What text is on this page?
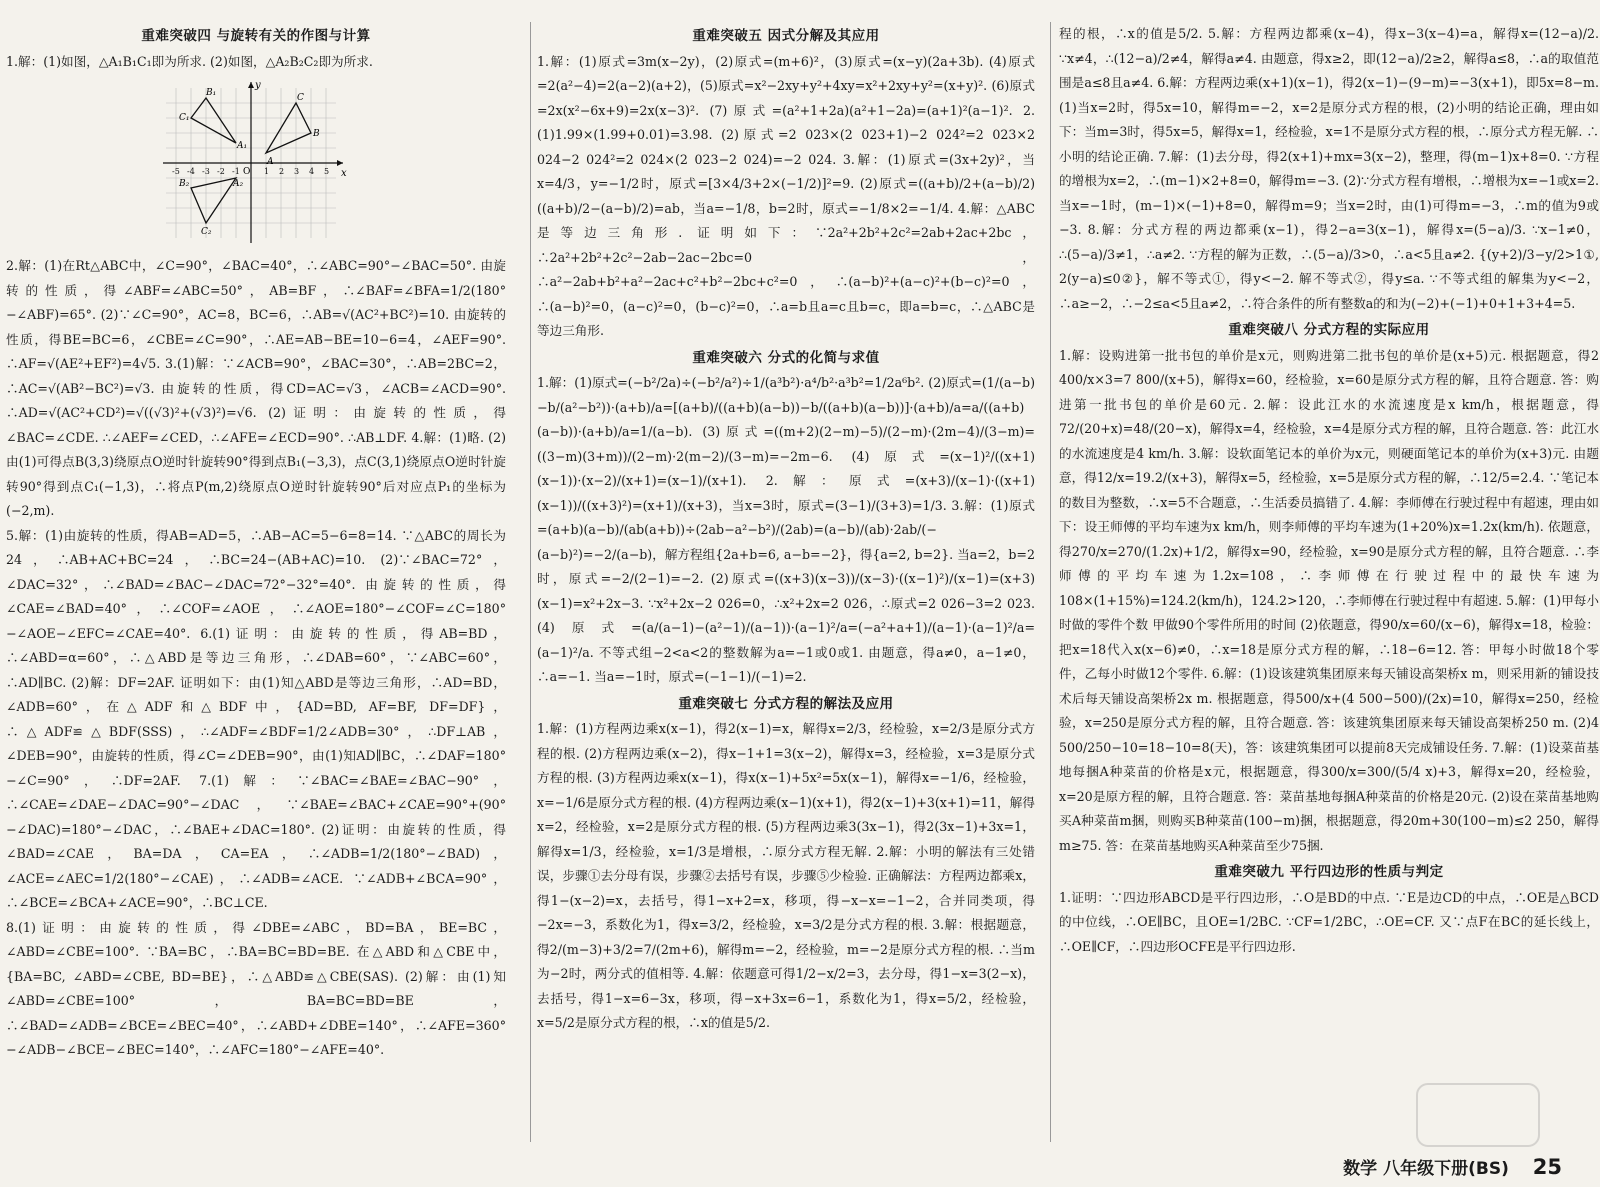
重难突破四 与旋转有关的作图与计算

1.解：(1)如图，△A₁B₁C₁即为所求. (2)如图，△A₂B₂C₂即为所求.

y
x
O
-5 -4 -3 -2 -1	1 2 3 4 5
B₁
C₁
A₁
A
C
B
A₂
B₂
C₂

2.解：(1)在Rt△ABC中，∠C=90°，∠BAC=40°，∴∠ABC=90°−∠BAC=50°. 由旋转的性质，得∠ABF=∠ABC=50°，AB=BF，∴∠BAF=∠BFA=1/2(180°−∠ABF)=65°. (2)∵∠C=90°，AC=8，BC=6，∴AB=√(AC²+BC²)=10. 由旋转的性质，得BE=BC=6，∠CBE=∠C=90°，∴AE=AB−BE=10−6=4，∠AEF=90°. ∴AF=√(AE²+EF²)=4√5. 3.(1)解：∵∠ACB=90°，∠BAC=30°，∴AB=2BC=2，∴AC=√(AB²−BC²)=√3. 由旋转的性质，得CD=AC=√3，∠ACB=∠ACD=90°. ∴AD=√(AC²+CD²)=√((√3)²+(√3)²)=√6. (2)证明：由旋转的性质，得∠BAC=∠CDE. ∴∠AEF=∠CED，∴∠AFE=∠ECD=90°. ∴AB⊥DF. 4.解：(1)略. (2)由(1)可得点B(3,3)绕原点O逆时针旋转90°得到点B₁(−3,3)，点C(3,1)绕原点O逆时针旋转90°得到点C₁(−1,3)，∴将点P(m,2)绕原点O逆时针旋转90°后对应点P₁的坐标为(−2,m).

5.解：(1)由旋转的性质，得AB=AD=5，∴AB−AC=5−6=8=14. ∵△ABC的周长为24，∴AB+AC+BC=24，∴BC=24−(AB+AC)=10. (2)∵∠BAC=72°，∠DAC=32°，∴∠BAD=∠BAC−∠DAC=72°−32°=40°. 由旋转的性质，得∠CAE=∠BAD=40°，∴∠COF=∠AOE，∴∠AOE=180°−∠COF=∠C=180°−∠AOE−∠EFC=∠CAE=40°. 6.(1)证明：由旋转的性质，得AB=BD，∴∠ABD=α=60°，∴△ABD是等边三角形，∴∠DAB=60°，∵∠ABC=60°，∴AD∥BC. (2)解：DF=2AF. 证明如下：由(1)知△ABD是等边三角形，∴AD=BD，∠ADB=60°，在△ADF和△BDF中，{AD=BD, AF=BF, DF=DF}，∴△ADF≌△BDF(SSS)，∴∠ADF=∠BDF=1/2∠ADB=30°，∴DF⊥AB，∠DEB=90°，由旋转的性质，得∠C=∠DEB=90°，由(1)知AD∥BC，∴∠DAF=180°−∠C=90°，∴DF=2AF. 7.(1)解：∵∠BAC=∠BAE=∠BAC−90°，∴∠CAE=∠DAE−∠DAC=90°−∠DAC，∵∠BAE=∠BAC+∠CAE=90°+(90°−∠DAC)=180°−∠DAC，∴∠BAE+∠DAC=180°. (2)证明：由旋转的性质，得∠BAD=∠CAE，BA=DA，CA=EA，∴∠ADB=1/2(180°−∠BAD)，∠ACE=∠AEC=1/2(180°−∠CAE)，∴∠ADB=∠ACE. ∵∠ADB+∠BCA=90°，∴∠BCE=∠BCA+∠ACE=90°，∴BC⊥CE.

8.(1)证明：由旋转的性质，得∠DBE=∠ABC，BD=BA，BE=BC，∠ABD=∠CBE=100°. ∵BA=BC，∴BA=BC=BD=BE. 在△ABD和△CBE中，{BA=BC, ∠ABD=∠CBE, BD=BE}，∴△ABD≌△CBE(SAS). (2)解：由(1)知∠ABD=∠CBE=100°，BA=BC=BD=BE，∴∠BAD=∠ADB=∠BCE=∠BEC=40°，∴∠ABD+∠DBE=140°，∴∠AFE=360°−∠ADB−∠BCE−∠BEC=140°，∴∠AFC=180°−∠AFE=40°.

重难突破五 因式分解及其应用

1.解：(1)原式=3m(x−2y)，(2)原式=(m+6)²，(3)原式=(x−y)(2a+3b). (4)原式=2(a²−4)=2(a−2)(a+2)，(5)原式=x²−2xy+y²+4xy=x²+2xy+y²=(x+y)². (6)原式=2x(x²−6x+9)=2x(x−3)². (7)原式=(a²+1+2a)(a²+1−2a)=(a+1)²(a−1)². 2.(1)1.99×(1.99+0.01)=3.98. (2)原式=2 023×(2 023+1)−2 024²=2 023×2 024−2 024²=2 024×(2 023−2 024)=−2 024. 3.解：(1)原式=(3x+2y)²，当x=4/3，y=−1/2时，原式=[3×4/3+2×(−1/2)]²=9. (2)原式=((a+b)/2+(a−b)/2)((a+b)/2−(a−b)/2)=ab，当a=−1/8，b=2时，原式=−1/8×2=−1/4. 4.解：△ABC是等边三角形. 证明如下：∵2a²+2b²+2c²=2ab+2ac+2bc，∴2a²+2b²+2c²−2ab−2ac−2bc=0，∴a²−2ab+b²+a²−2ac+c²+b²−2bc+c²=0，∴(a−b)²+(a−c)²+(b−c)²=0，∴(a−b)²=0，(a−c)²=0，(b−c)²=0，∴a=b且a=c且b=c，即a=b=c，∴△ABC是等边三角形.

重难突破六 分式的化简与求值

1.解：(1)原式=(−b²/2a)÷(−b²/a²)÷1/(a³b²)·a⁴/b²·a³b²=1/2a⁶b². (2)原式=(1/(a−b)−b/(a²−b²))·(a+b)/a=[(a+b)/((a+b)(a−b))−b/((a+b)(a−b))]·(a+b)/a=a/((a+b)(a−b))·(a+b)/a=1/(a−b). (3)原式=((m+2)(2−m)−5)/(2−m)·(2m−4)/(3−m)=((3−m)(3+m))/(2−m)·2(m−2)/(3−m)=−2m−6. (4)原式=(x−1)²/((x+1)(x−1))·(x−2)/(x+1)=(x−1)/(x+1). 2.解：原式=(x+3)/(x−1)·((x+1)(x−1))/((x+3)²)=(x+1)/(x+3)，当x=3时，原式=(3−1)/(3+3)=1/3. 3.解：(1)原式=(a+b)(a−b)/(ab(a+b))÷(2ab−a²−b²)/(2ab)=(a−b)/(ab)·2ab/(−(a−b)²)=−2/(a−b)，解方程组{2a+b=6, a−b=−2}，得{a=2, b=2}. 当a=2，b=2时，原式=−2/(2−1)=−2. (2)原式=((x+3)(x−3))/(x−3)·((x−1)²)/(x−1)=(x+3)(x−1)=x²+2x−3. ∵x²+2x−2 026=0，∴x²+2x=2 026，∴原式=2 026−3=2 023. (4)原式=(a/(a−1)−(a²−1)/(a−1))·(a−1)²/a=(−a²+a+1)/(a−1)·(a−1)²/a=(a−1)²/a. 不等式组−2<a<2的整数解为a=−1或0或1. 由题意，得a≠0，a−1≠0，∴a=−1. 当a=−1时，原式=(−1−1)/(−1)=2.

重难突破七 分式方程的解法及应用

1.解：(1)方程两边乘x(x−1)，得2(x−1)=x，解得x=2/3，经检验，x=2/3是原分式方程的根. (2)方程两边乘(x−2)，得x−1+1=3(x−2)，解得x=3，经检验，x=3是原分式方程的根. (3)方程两边乘x(x−1)，得x(x−1)+5x²=5x(x−1)，解得x=−1/6，经检验，x=−1/6是原分式方程的根. (4)方程两边乘(x−1)(x+1)，得2(x−1)+3(x+1)=11，解得x=2，经检验，x=2是原分式方程的根. (5)方程两边乘3(3x−1)，得2(3x−1)+3x=1，解得x=1/3，经检验，x=1/3是增根，∴原分式方程无解. 2.解：小明的解法有三处错误，步骤①去分母有误，步骤②去括号有误，步骤⑤少检验. 正确解法：方程两边都乘x，得1−(x−2)=x，去括号，得1−x+2=x，移项，得−x−x=−1−2，合并同类项，得−2x=−3，系数化为1，得x=3/2，经检验，x=3/2是分式方程的根. 3.解：根据题意，得2/(m−3)+3/2=7/(2m+6)，解得m=−2，经检验，m=−2是原分式方程的根. ∴当m为−2时，两分式的值相等. 4.解：依题意可得1/2−x/2=3，去分母，得1−x=3(2−x)，去括号，得1−x=6−3x，移项，得−x+3x=6−1，系数化为1，得x=5/2，经检验，x=5/2是原分式方程的根，∴x的值是5/2.

程的根，∴x的值是5/2. 5.解：方程两边都乘(x−4)，得x−3(x−4)=a，解得x=(12−a)/2. ∵x≠4，∴(12−a)/2≠4，解得a≠4. 由题意，得x≥2，即(12−a)/2≥2，解得a≤8，∴a的取值范围是a≤8且a≠4. 6.解：方程两边乘(x+1)(x−1)，得2(x−1)−(9−m)=−3(x+1)，即5x=8−m. (1)当x=2时，得5x=10，解得m=−2，x=2是原分式方程的根，(2)小明的结论正确，理由如下：当m=3时，得5x=5，解得x=1，经检验，x=1不是原分式方程的根，∴原分式方程无解. ∴小明的结论正确. 7.解：(1)去分母，得2(x+1)+mx=3(x−2)，整理，得(m−1)x+8=0. ∵方程的增根为x=2，∴(m−1)×2+8=0，解得m=−3. (2)∵分式方程有增根，∴增根为x=−1或x=2. 当x=−1时，(m−1)×(−1)+8=0，解得m=9；当x=2时，由(1)可得m=−3，∴m的值为9或−3. 8.解：分式方程的两边都乘(x−1)，得2−a=3(x−1)，解得x=(5−a)/3. ∵x−1≠0，∴(5−a)/3≠1，∴a≠2. ∵方程的解为正数，∴(5−a)/3>0，∴a<5且a≠2. {(y+2)/3−y/2>1①, 2(y−a)≤0②}，解不等式①，得y<−2. 解不等式②，得y≤a. ∵不等式组的解集为y<−2，∴a≥−2，∴−2≤a<5且a≠2，∴符合条件的所有整数a的和为(−2)+(−1)+0+1+3+4=5.

重难突破八 分式方程的实际应用

1.解：设购进第一批书包的单价是x元，则购进第二批书包的单价是(x+5)元. 根据题意，得2 400/x×3=7 800/(x+5)，解得x=60，经检验，x=60是原分式方程的解，且符合题意. 答：购进第一批书包的单价是60元. 2.解：设此江水的水流速度是x km/h，根据题意，得72/(20+x)=48/(20−x)，解得x=4，经检验，x=4是原分式方程的解，且符合题意. 答：此江水的水流速度是4 km/h. 3.解：设软面笔记本的单价为x元，则硬面笔记本的单价为(x+3)元. 由题意，得12/x=19.2/(x+3)，解得x=5，经检验，x=5是原分式方程的解，∴12/5=2.4. ∵笔记本的数目为整数，∴x=5不合题意，∴生活委员搞错了. 4.解：李师傅在行驶过程中有超速，理由如下：设王师傅的平均车速为x km/h，则李师傅的平均车速为(1+20%)x=1.2x(km/h). 依题意，得270/x=270/(1.2x)+1/2，解得x=90，经检验，x=90是原分式方程的解，且符合题意. ∴李师傅的平均车速为1.2x=108，∴李师傅在行驶过程中的最快车速为108×(1+15%)=124.2(km/h)，124.2>120，∴李师傅在行驶过程中有超速. 5.解：(1)甲每小时做的零件个数 甲做90个零件所用的时间 (2)依题意，得90/x=60/(x−6)，解得x=18，检验：把x=18代入x(x−6)≠0，∴x=18是原分式方程的解，∴18−6=12. 答：甲每小时做18个零件，乙每小时做12个零件. 6.解：(1)设该建筑集团原来每天铺设高架桥x m，则采用新的铺设技术后每天铺设高架桥2x m. 根据题意，得500/x+(4 500−500)/(2x)=10，解得x=250，经检验，x=250是原分式方程的解，且符合题意. 答：该建筑集团原来每天铺设高架桥250 m. (2)4 500/250−10=18−10=8(天)，答：该建筑集团可以提前8天完成铺设任务. 7.解：(1)设菜苗基地每捆A种菜苗的价格是x元，根据题意，得300/x=300/(5/4 x)+3，解得x=20，经检验，x=20是原方程的解，且符合题意. 答：菜苗基地每捆A种菜苗的价格是20元. (2)设在菜苗基地购买A种菜苗m捆，则购买B种菜苗(100−m)捆，根据题意，得20m+30(100−m)≤2 250，解得m≥75. 答：在菜苗基地购买A种菜苗至少75捆.

重难突破九 平行四边形的性质与判定

1.证明：∵四边形ABCD是平行四边形，∴O是BD的中点. ∵E是边CD的中点，∴OE是△BCD的中位线，∴OE∥BC，且OE=1/2BC. ∵CF=1/2BC，∴OE=CF. 又∵点F在BC的延长线上，∴OE∥CF，∴四边形OCFE是平行四边形.

数学 八年级下册(BS) 25
